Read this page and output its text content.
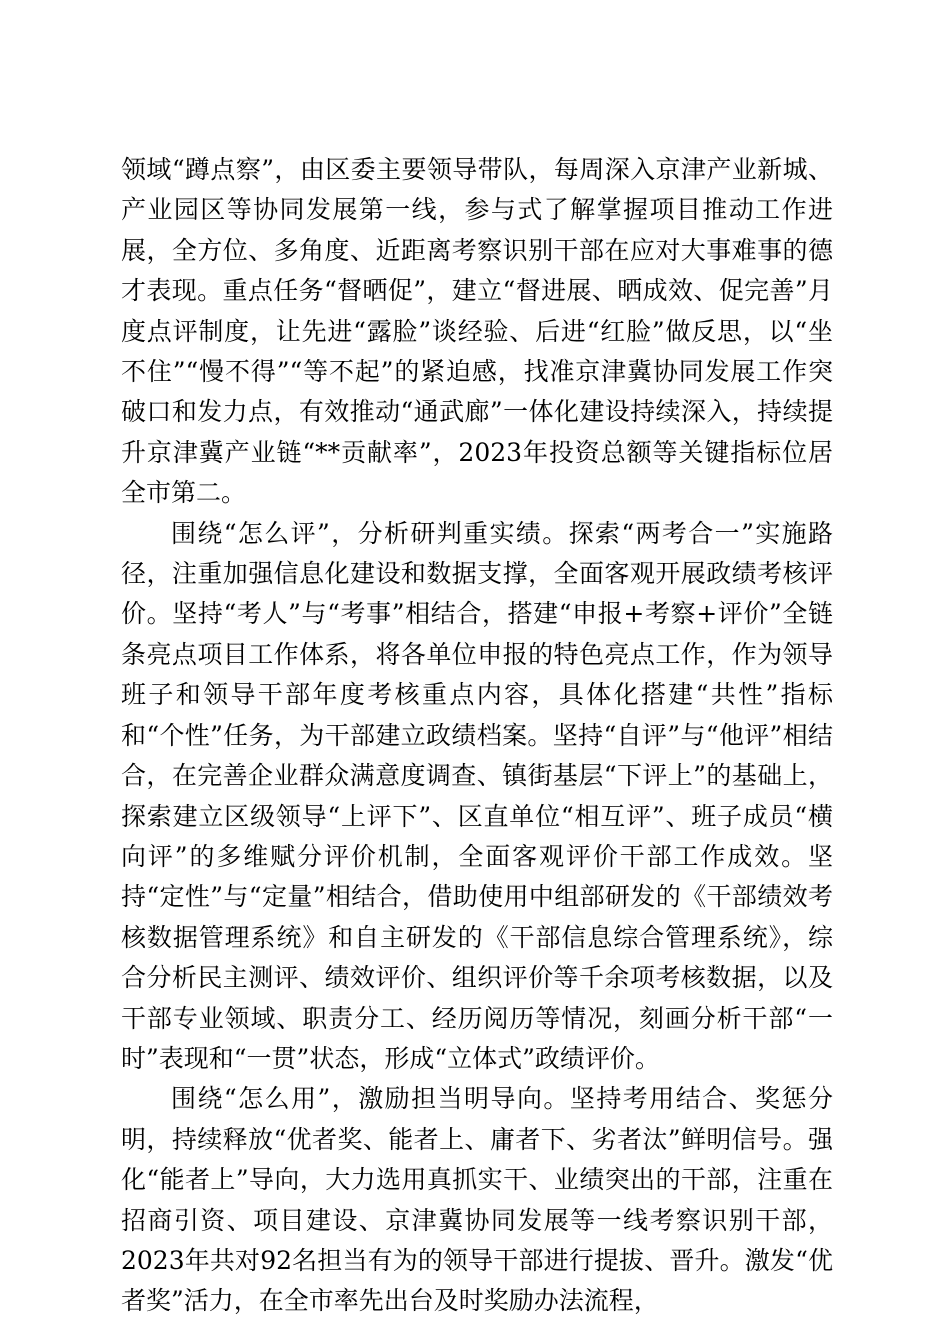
领域“蹲点察”，由区委主要领导带队，每周深入京津产业新城、产业园区等协同发展第一线，参与式了解掌握项目推动工作进展，全方位、多角度、近距离考察识别干部在应对大事难事的德才表现。重点任务“督晒促”，建立“督进展、晒成效、促完善”月度点评制度，让先进“露脸”谈经验、后进“红脸”做反思，以“坐不住”“慢不得”“等不起”的紧迫感，找准京津冀协同发展工作突破口和发力点，有效推动“通武廊”一体化建设持续深入，持续提升京津冀产业链“**贡献率”，2023年投资总额等关键指标位居全市第二。

围绕“怎么评”，分析研判重实绩。探索“两考合一”实施路径，注重加强信息化建设和数据支撑，全面客观开展政绩考核评价。坚持“考人”与“考事”相结合，搭建“申报+考察+评价”全链条亮点项目工作体系，将各单位申报的特色亮点工作，作为领导班子和领导干部年度考核重点内容，具体化搭建“共性”指标和“个性”任务，为干部建立政绩档案。坚持“自评”与“他评”相结合，在完善企业群众满意度调查、镇街基层“下评上”的基础上，探索建立区级领导“上评下”、区直单位“相互评”、班子成员“横向评”的多维赋分评价机制，全面客观评价干部工作成效。坚持“定性”与“定量”相结合，借助使用中组部研发的《干部绩效考核数据管理系统》和自主研发的《干部信息综合管理系统》，综合分析民主测评、绩效评价、组织评价等千余项考核数据，以及干部专业领域、职责分工、经历阅历等情况，刻画分析干部“一时”表现和“一贯”状态，形成“立体式”政绩评价。

围绕“怎么用”，激励担当明导向。坚持考用结合、奖惩分明，持续释放“优者奖、能者上、庸者下、劣者汰”鲜明信号。强化“能者上”导向，大力选用真抓实干、业绩突出的干部，注重在招商引资、项目建设、京津冀协同发展等一线考察识别干部，2023年共对92名担当有为的领导干部进行提拔、晋升。激发“优者奖”活力，在全市率先出台及时奖励办法流程，
